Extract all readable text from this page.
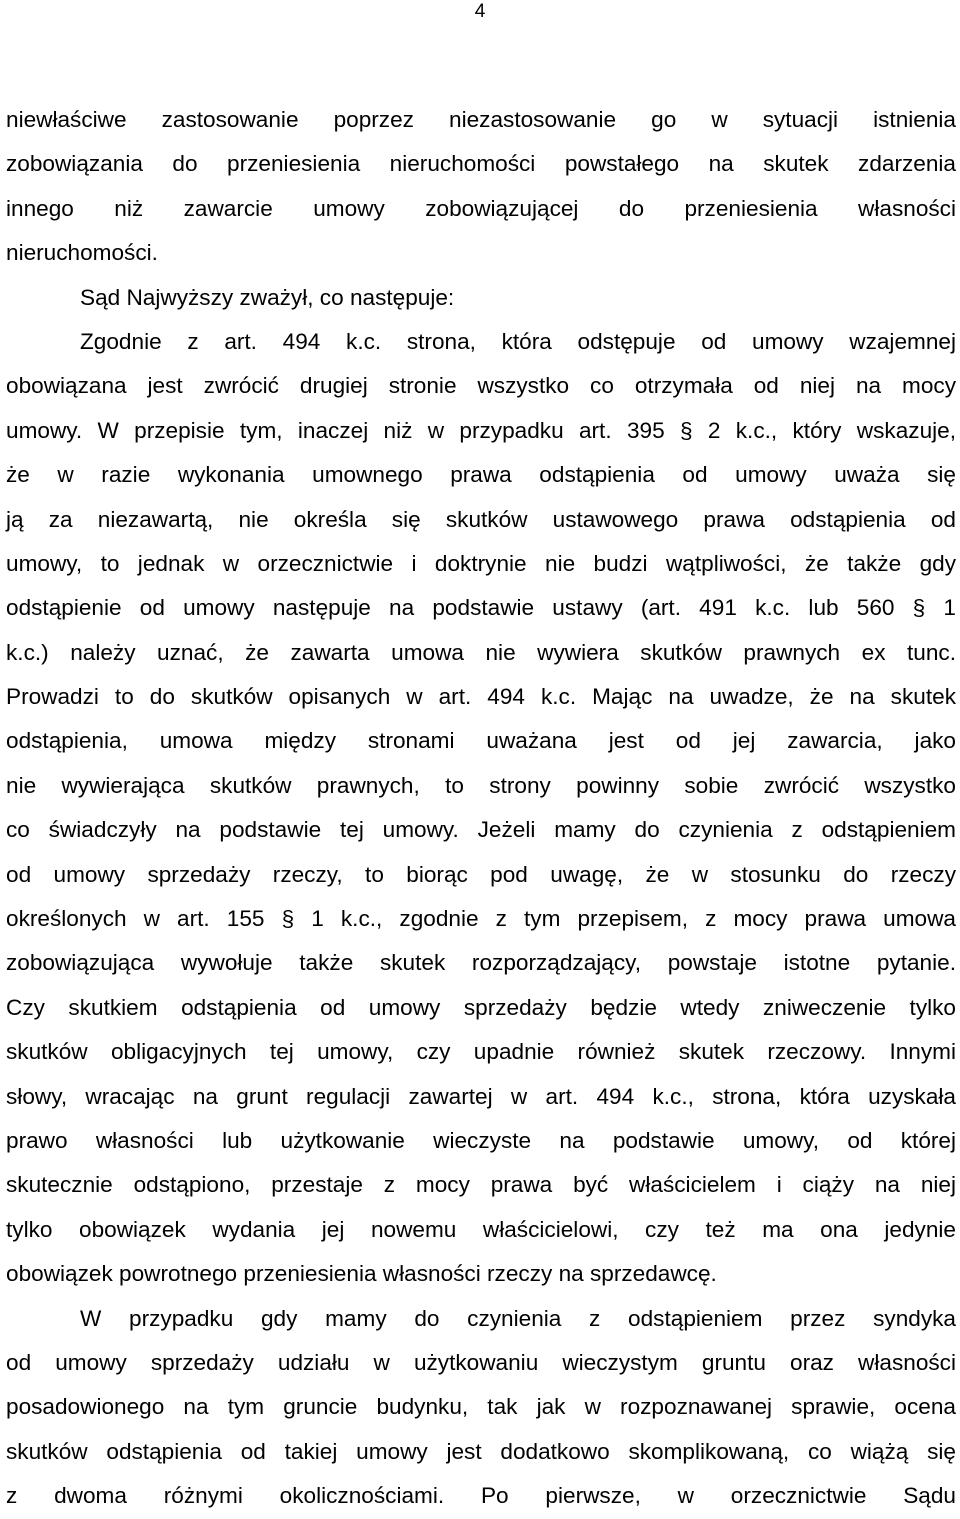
4
niewłaściwe zastosowanie poprzez niezastosowanie go w sytuacji istnienia
zobowiązania do przeniesienia nieruchomości powstałego na skutek zdarzenia
innego niż zawarcie umowy zobowiązującej do przeniesienia własności
nieruchomości.
Sąd Najwyższy zważył, co następuje:
Zgodnie z art. 494 k.c. strona, która odstępuje od umowy wzajemnej
obowiązana jest zwrócić drugiej stronie wszystko co otrzymała od niej na mocy
umowy. W przepisie tym, inaczej niż w przypadku art. 395 § 2 k.c., który wskazuje,
że w razie wykonania umownego prawa odstąpienia od umowy uważa się
ją za niezawartą, nie określa się skutków ustawowego prawa odstąpienia od
umowy, to jednak w orzecznictwie i doktrynie nie budzi wątpliwości, że także gdy
odstąpienie od umowy następuje na podstawie ustawy (art. 491 k.c. lub 560 § 1
k.c.) należy uznać, że zawarta umowa nie wywiera skutków prawnych ex tunc.
Prowadzi to do skutków opisanych w art. 494 k.c. Mając na uwadze, że na skutek
odstąpienia, umowa między stronami uważana jest od jej zawarcia, jako
nie wywierająca skutków prawnych, to strony powinny sobie zwrócić wszystko
co świadczyły na podstawie tej umowy. Jeżeli mamy do czynienia z odstąpieniem
od umowy sprzedaży rzeczy, to biorąc pod uwagę, że w stosunku do rzeczy
określonych w art. 155 § 1 k.c., zgodnie z tym przepisem, z mocy prawa umowa
zobowiązująca wywołuje także skutek rozporządzający, powstaje istotne pytanie.
Czy skutkiem odstąpienia od umowy sprzedaży będzie wtedy zniweczenie tylko
skutków obligacyjnych tej umowy, czy upadnie również skutek rzeczowy. Innymi
słowy, wracając na grunt regulacji zawartej w art. 494 k.c., strona, która uzyskała
prawo własności lub użytkowanie wieczyste na podstawie umowy, od której
skutecznie odstąpiono, przestaje z mocy prawa być właścicielem i ciąży na niej
tylko obowiązek wydania jej nowemu właścicielowi, czy też ma ona jedynie
obowiązek powrotnego przeniesienia własności rzeczy na sprzedawcę.
W przypadku gdy mamy do czynienia z odstąpieniem przez syndyka
od umowy sprzedaży udziału w użytkowaniu wieczystym gruntu oraz własności
posadowionego na tym gruncie budynku, tak jak w rozpoznawanej sprawie, ocena
skutków odstąpienia od takiej umowy jest dodatkowo skomplikowaną, co wiążą się
z dwoma różnymi okolicznościami. Po pierwsze, w orzecznictwie Sądu
